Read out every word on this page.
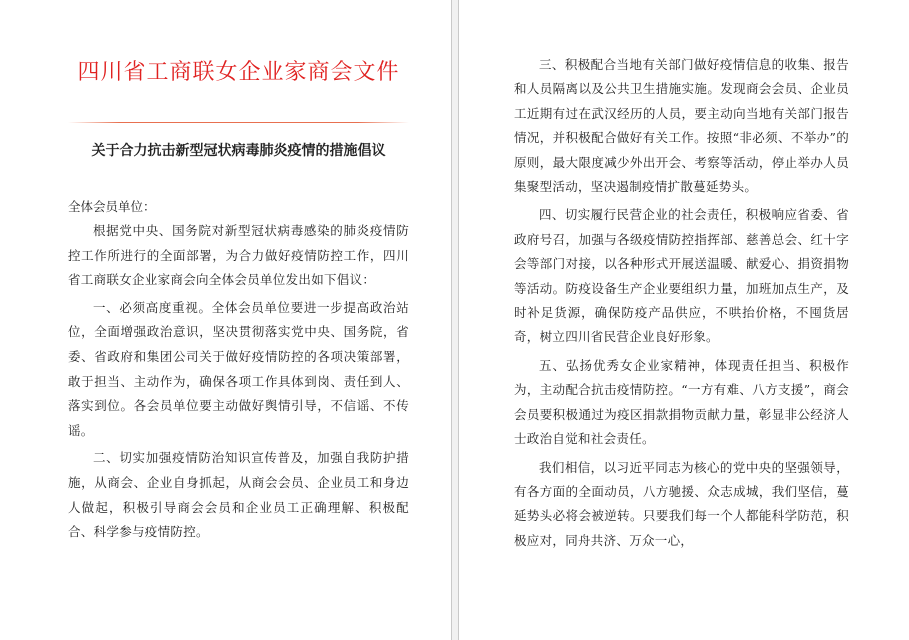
四川省工商联女企业家商会文件
关于合力抗击新型冠状病毒肺炎疫情的措施倡议
全体会员单位：

根据党中央、国务院对新型冠状病毒感染的肺炎疫情防控工作所进行的全面部署，为合力做好疫情防控工作，四川省工商联女企业家商会向全体会员单位发出如下倡议：

一、必须高度重视。全体会员单位要进一步提高政治站位，全面增强政治意识，坚决贯彻落实党中央、国务院，省委、省政府和集团公司关于做好疫情防控的各项决策部署，敢于担当、主动作为，确保各项工作具体到岗、责任到人、落实到位。各会员单位要主动做好舆情引导，不信谣、不传谣。

二、切实加强疫情防治知识宣传普及，加强自我防护措施，从商会、企业自身抓起，从商会会员、企业员工和身边人做起，积极引导商会会员和企业员工正确理解、积极配合、科学参与疫情防控。

三、积极配合当地有关部门做好疫情信息的收集、报告和人员隔离以及公共卫生措施实施。发现商会会员、企业员工近期有过在武汉经历的人员，要主动向当地有关部门报告情况，并积极配合做好有关工作。按照“非必须、不举办”的原则，最大限度减少外出开会、考察等活动，停止举办人员集聚型活动，坚决遏制疫情扩散蔓延势头。

四、切实履行民营企业的社会责任，积极响应省委、省政府号召，加强与各级疫情防控指挥部、慈善总会、红十字会等部门对接，以各种形式开展送温暖、献爱心、捐资捐物等活动。防疫设备生产企业要组织力量，加班加点生产，及时补足货源，确保防疫产品供应，不哄抬价格，不囤货居奇，树立四川省民营企业良好形象。

五、弘扬优秀女企业家精神，体现责任担当、积极作为，主动配合抗击疫情防控。“一方有难、八方支援”，商会会员要积极通过为疫区捐款捐物贡献力量，彰显非公经济人士政治自觉和社会责任。

我们相信，以习近平同志为核心的党中央的坚强领导，有各方面的全面动员，八方驰援、众志成城，我们坚信，蔓延势头必将会被逆转。只要我们每一个人都能科学防范，积极应对，同舟共济、万众一心，
